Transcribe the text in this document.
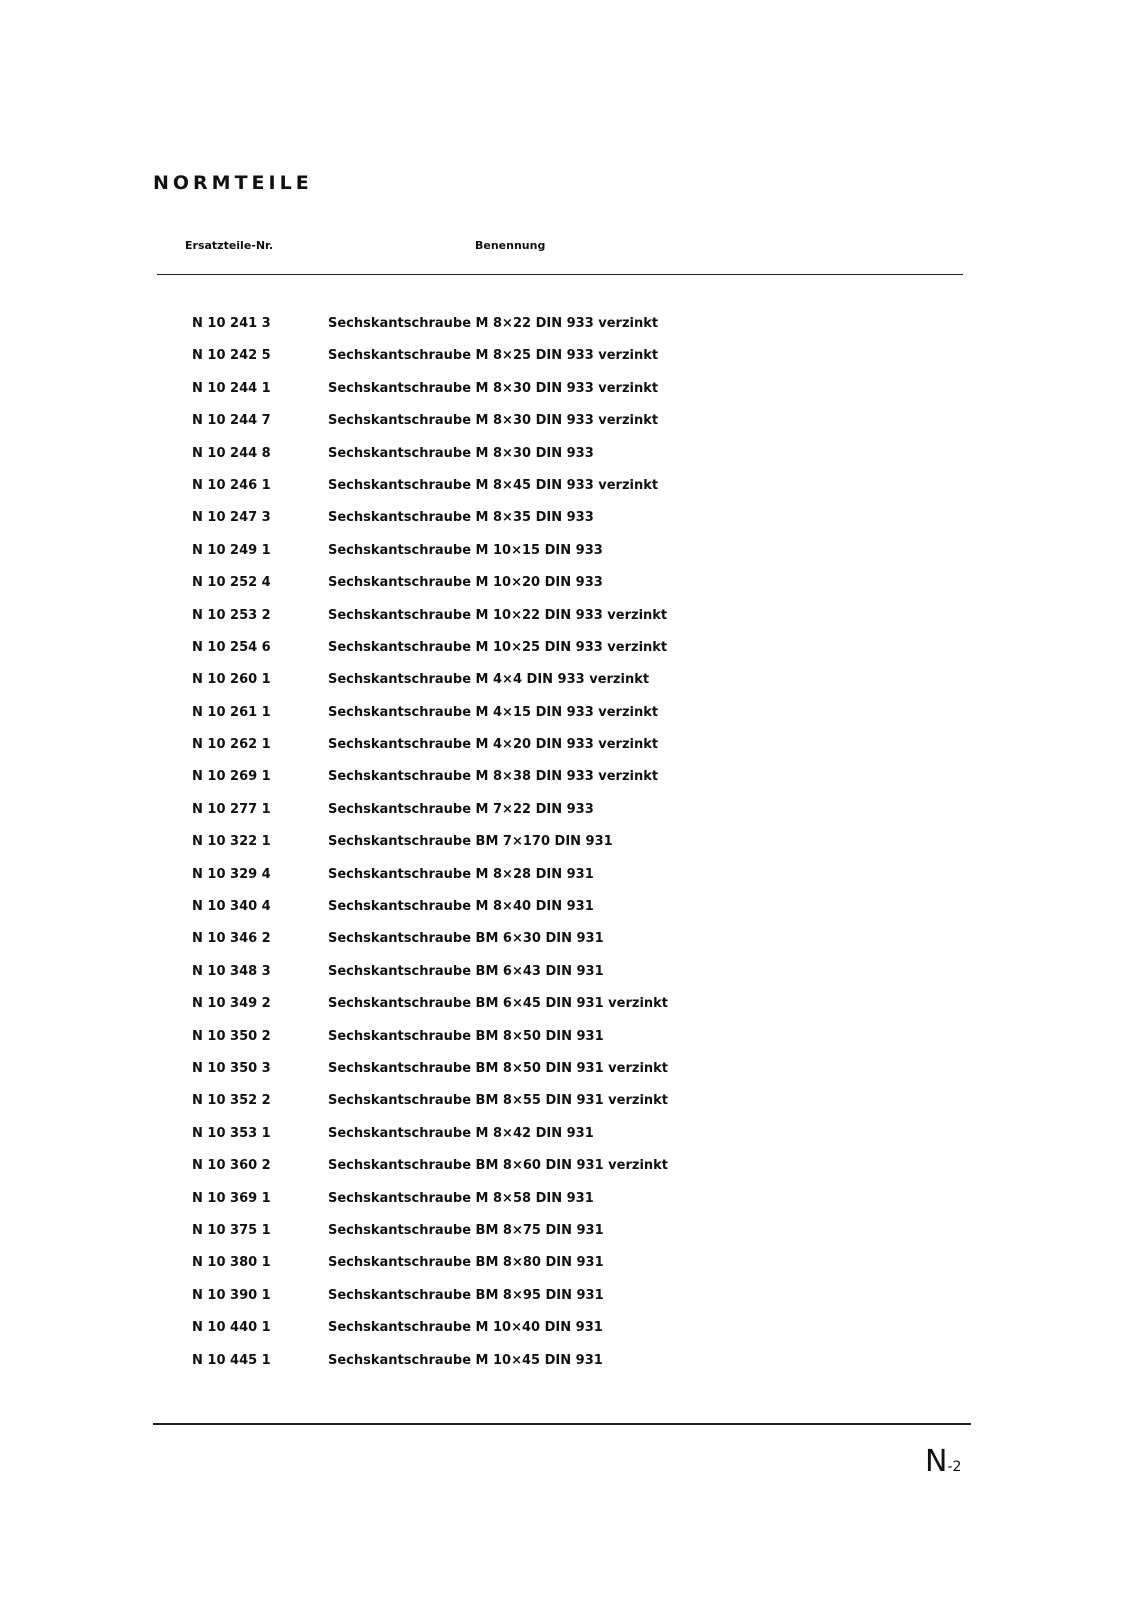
NORMTEILE
Ersatzteile-Nr.	Benennung
N 10 241 3	Sechskantschraube M 8×22 DIN 933 verzinkt
N 10 242 5	Sechskantschraube M 8×25 DIN 933 verzinkt
N 10 244 1	Sechskantschraube M 8×30 DIN 933 verzinkt
N 10 244 7	Sechskantschraube M 8×30 DIN 933 verzinkt
N 10 244 8	Sechskantschraube M 8×30 DIN 933
N 10 246 1	Sechskantschraube M 8×45 DIN 933 verzinkt
N 10 247 3	Sechskantschraube M 8×35 DIN 933
N 10 249 1	Sechskantschraube M 10×15 DIN 933
N 10 252 4	Sechskantschraube M 10×20 DIN 933
N 10 253 2	Sechskantschraube M 10×22 DIN 933 verzinkt
N 10 254 6	Sechskantschraube M 10×25 DIN 933 verzinkt
N 10 260 1	Sechskantschraube M 4×4 DIN 933 verzinkt
N 10 261 1	Sechskantschraube M 4×15 DIN 933 verzinkt
N 10 262 1	Sechskantschraube M 4×20 DIN 933 verzinkt
N 10 269 1	Sechskantschraube M 8×38 DIN 933 verzinkt
N 10 277 1	Sechskantschraube M 7×22 DIN 933
N 10 322 1	Sechskantschraube BM 7×170 DIN 931
N 10 329 4	Sechskantschraube M 8×28 DIN 931
N 10 340 4	Sechskantschraube M 8×40 DIN 931
N 10 346 2	Sechskantschraube BM 6×30 DIN 931
N 10 348 3	Sechskantschraube BM 6×43 DIN 931
N 10 349 2	Sechskantschraube BM 6×45 DIN 931 verzinkt
N 10 350 2	Sechskantschraube BM 8×50 DIN 931
N 10 350 3	Sechskantschraube BM 8×50 DIN 931 verzinkt
N 10 352 2	Sechskantschraube BM 8×55 DIN 931 verzinkt
N 10 353 1	Sechskantschraube M 8×42 DIN 931
N 10 360 2	Sechskantschraube BM 8×60 DIN 931 verzinkt
N 10 369 1	Sechskantschraube M 8×58 DIN 931
N 10 375 1	Sechskantschraube BM 8×75 DIN 931
N 10 380 1	Sechskantschraube BM 8×80 DIN 931
N 10 390 1	Sechskantschraube BM 8×95 DIN 931
N 10 440 1	Sechskantschraube M 10×40 DIN 931
N 10 445 1	Sechskantschraube M 10×45 DIN 931
N-2
